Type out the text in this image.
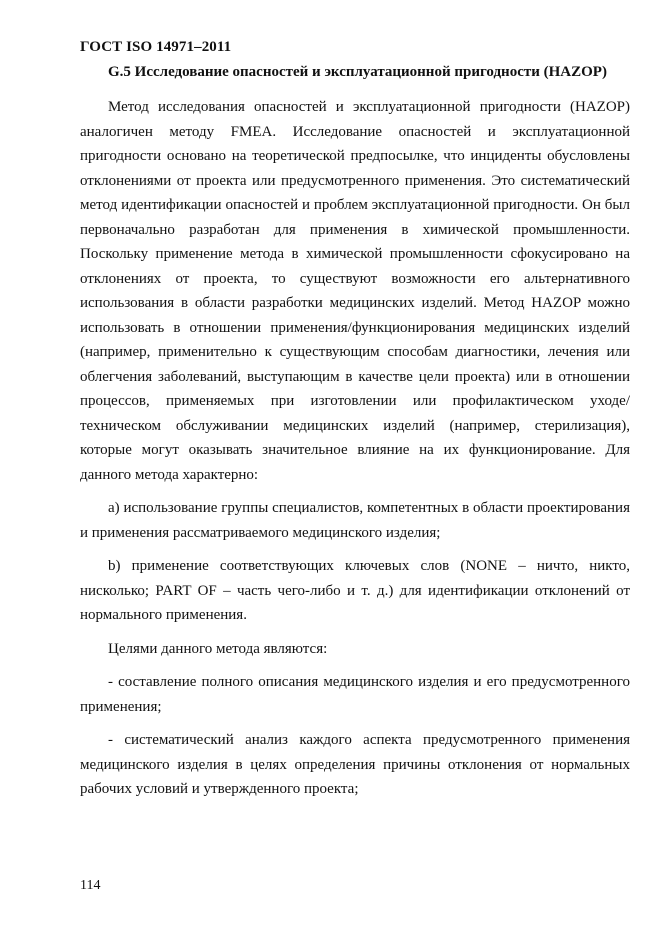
ГОСТ ISO 14971–2011
G.5 Исследование опасностей и эксплуатационной пригодности (HAZOP)

Метод исследования опасностей и эксплуатационной пригодности (HAZOP) аналогичен методу FMEA. Исследование опасностей и эксплуатационной пригодности основано на теоретической предпосылке, что инциденты обусловлены отклонениями от проекта или предусмотренного применения. Это систематический метод идентификации опасностей и проблем эксплуатационной пригодности. Он был первоначально разработан для применения в химической промышленности. Поскольку применение метода в химической промышленности сфокусировано на отклонениях от проекта, то существуют возможности его альтернативного использования в области разработки медицинских изделий. Метод HAZOP можно использовать в отношении применения/функционирования медицинских изделий (например, применительно к существующим способам диагностики, лечения или облегчения заболеваний, выступающим в качестве цели проекта) или в отношении процессов, применяемых при изготовлении или профилактическом уходе/техническом обслуживании медицинских изделий (например, стерилизация), которые могут оказывать значительное влияние на их функционирование. Для данного метода характерно:

a) использование группы специалистов, компетентных в области проектирования и применения рассматриваемого медицинского изделия;

b) применение соответствующих ключевых слов (NONE – ничто, никто, нисколько; PART OF – часть чего-либо и т. д.) для идентификации отклонений от нормального применения.

Целями данного метода являются:

- составление полного описания медицинского изделия и его предусмотренного применения;

- систематический анализ каждого аспекта предусмотренного применения медицинского изделия в целях определения причины отклонения от нормальных рабочих условий и утвержденного проекта;

114
